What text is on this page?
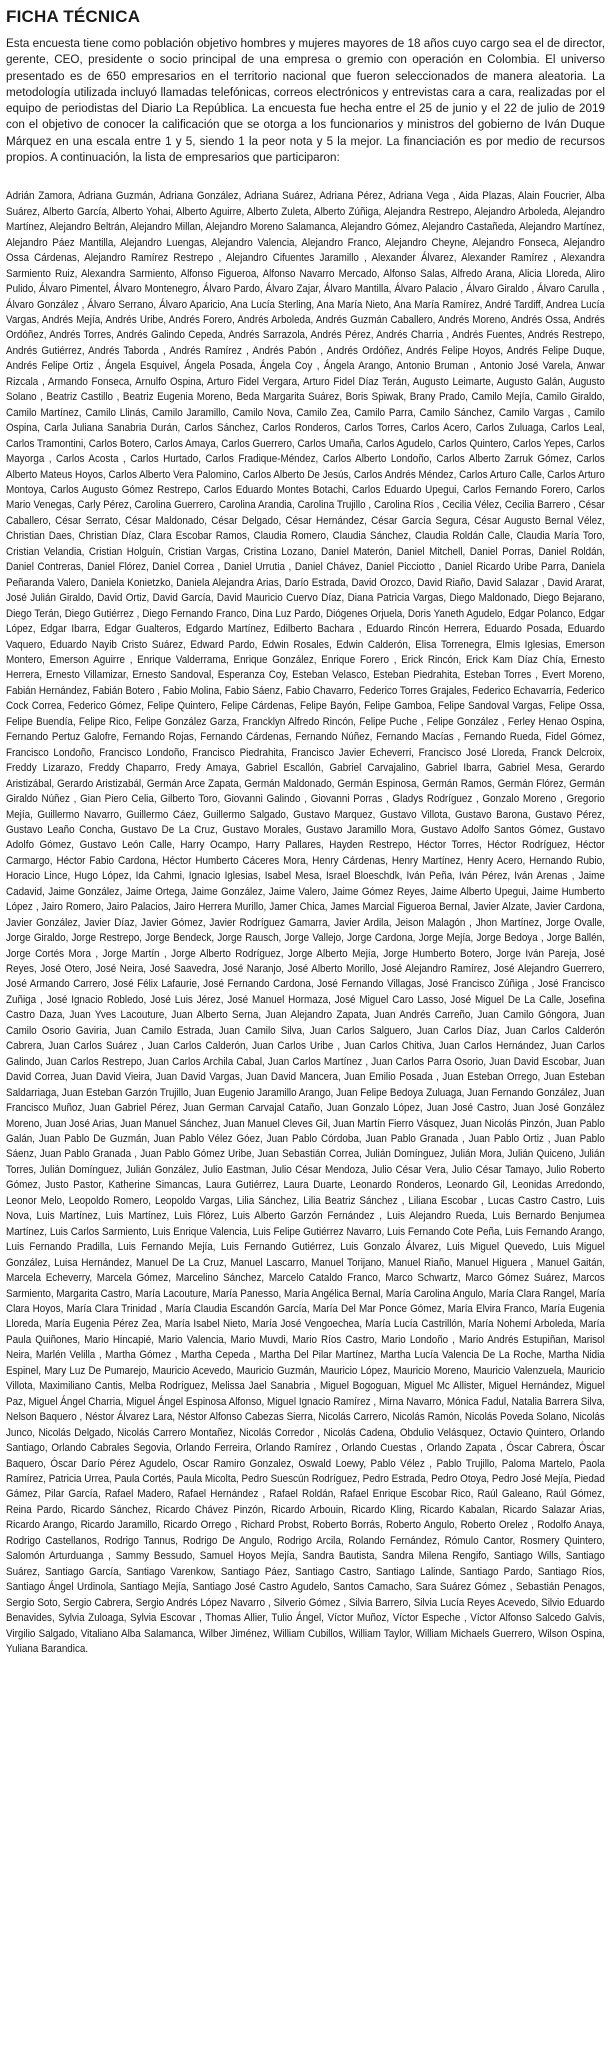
FICHA TÉCNICA

Esta encuesta tiene como población objetivo hombres y mujeres mayores de 18 años cuyo cargo sea el de director, gerente, CEO, presidente o socio principal de una empresa o gremio con operación en Colombia. El universo presentado es de 650 empresarios en el territorio nacional que fueron seleccionados de manera aleatoria. La metodología utilizada incluyó llamadas telefónicas, correos electrónicos y entrevistas cara a cara, realizadas por el equipo de periodistas del Diario La República. La encuesta fue hecha entre el 25 de junio y el 22 de julio de 2019 con el objetivo de conocer la calificación que se otorga a los funcionarios y ministros del gobierno de Iván Duque Márquez en una escala entre 1 y 5, siendo 1 la peor nota y 5 la mejor. La financiación es por medio de recursos propios. A continuación, la lista de empresarios que participaron:

Adrián Zamora, Adriana Guzmán, Adriana González, Adriana Suárez, Adriana Pérez, Adriana Vega , Aida Plazas, Alain Foucrier, Alba Suárez, Alberto García, Alberto Yohai, Alberto Aguirre, Alberto Zuleta, Alberto Zúñiga, Alejandra Restrepo, Alejandro Arboleda, Alejandro Martínez, Alejandro Beltrán, Alejandro Millan, Alejandro Moreno Salamanca, Alejandro Gómez, Alejandro Castañeda, Alejandro Martínez, Alejandro Páez Mantilla, Alejandro Luengas, Alejandro Valencia, Alejandro Franco, Alejandro Cheyne, Alejandro Fonseca, Alejandro Ossa Cárdenas, Alejandro Ramírez Restrepo , Alejandro Cifuentes Jaramillo , Alexander Álvarez, Alexander Ramírez , Alexandra Sarmiento Ruiz, Alexandra Sarmiento, Alfonso Figueroa, Alfonso Navarro Mercado, Alfonso Salas, Alfredo Arana, Alicia Lloreda, Aliro Pulido, Álvaro Pimentel, Álvaro Montenegro, Álvaro Pardo, Álvaro Zajar, Álvaro Mantilla, Álvaro Palacio , Álvaro Giraldo , Álvaro Carulla , Álvaro González , Álvaro Serrano, Álvaro Aparicio, Ana Lucía Sterling, Ana María Nieto, Ana María Ramírez, André Tardiff, Andrea Lucía Vargas, Andrés Mejía, Andrés Uribe, Andrés Forero, Andrés Arboleda, Andrés Guzmán Caballero, Andrés Moreno, Andrés Ossa, Andrés Ordóñez, Andrés Torres, Andrés Galindo Cepeda, Andrés Sarrazola, Andrés Pérez, Andrés Charria , Andrés Fuentes, Andrés Restrepo, Andrés Gutiérrez, Andrés Taborda , Andrés Ramírez , Andrés Pabón , Andrés Ordóñez, Andrés Felipe Hoyos, Andrés Felipe Duque, Andrés Felipe Ortiz , Ángela Esquivel, Ángela Posada, Ángela Coy , Ángela Arango, Antonio Bruman , Antonio José Varela, Anwar Rizcala , Armando Fonseca, Arnulfo Ospina, Arturo Fidel Vergara, Arturo Fidel Díaz Terán, Augusto Leimarte, Augusto Galán, Augusto Solano , Beatriz Castillo , Beatriz Eugenia Moreno, Beda Margarita Suárez, Boris Spiwak, Brany Prado, Camilo Mejía, Camilo Giraldo, Camilo Martínez, Camilo Llinás, Camilo Jaramillo, Camilo Nova, Camilo Zea, Camilo Parra, Camilo Sánchez, Camilo Vargas , Camilo Ospina, Carla Juliana Sanabria Durán, Carlos Sánchez, Carlos Ronderos, Carlos Torres, Carlos Acero, Carlos Zuluaga, Carlos Leal, Carlos Tramontini, Carlos Botero, Carlos Amaya, Carlos Guerrero, Carlos Umaña, Carlos Agudelo, Carlos Quintero, Carlos Yepes, Carlos Mayorga , Carlos Acosta , Carlos Hurtado, Carlos Fradique-Méndez, Carlos Alberto Londoño, Carlos Alberto Zarruk Gómez, Carlos Alberto Mateus Hoyos, Carlos Alberto Vera Palomino, Carlos Alberto De Jesús, Carlos Andrés Méndez, Carlos Arturo Calle, Carlos Arturo Montoya, Carlos Augusto Gómez Restrepo, Carlos Eduardo Montes Botachi, Carlos Eduardo Upegui, Carlos Fernando Forero, Carlos Mario Venegas, Carly Pérez, Carolina Guerrero, Carolina Arandia, Carolina Trujillo , Carolina Ríos , Cecilia Vélez, Cecilia Barrero , César Caballero, César Serrato, César Maldonado, César Delgado, César Hernández, César García Segura, César Augusto Bernal Vélez, Christian Daes, Christian Díaz, Clara Escobar Ramos, Claudia Romero, Claudia Sánchez, Claudia Roldán Calle, Claudia María Toro, Cristian Velandia, Cristian Holguín, Cristian Vargas, Cristina Lozano, Daniel Materón, Daniel Mitchell, Daniel Porras, Daniel Roldán, Daniel Contreras, Daniel Flórez, Daniel Correa , Daniel Urrutia , Daniel Chávez, Daniel Picciotto , Daniel Ricardo Uribe Parra, Daniela Peñaranda Valero, Daniela Konietzko, Daniela Alejandra Arias, Darío Estrada, David Orozco, David Riaño, David Salazar , David Ararat, José Julián Giraldo, David Ortiz, David García, David Mauricio Cuervo Díaz, Diana Patricia Vargas, Diego Maldonado, Diego Bejarano, Diego Terán, Diego Gutiérrez , Diego Fernando Franco, Dina Luz Pardo, Diógenes Orjuela, Doris Yaneth Agudelo, Edgar Polanco, Edgar López, Edgar Ibarra, Edgar Gualteros, Edgardo Martínez, Edilberto Bachara , Eduardo Rincón Herrera, Eduardo Posada, Eduardo Vaquero, Eduardo Nayib Cristo Suárez, Edward Pardo, Edwin Rosales, Edwin Calderón, Elisa Torrenegra, Elmis Iglesias, Emerson Montero, Emerson Aguirre , Enrique Valderrama, Enrique González, Enrique Forero , Erick Rincón, Erick Kam Díaz Chía, Ernesto Herrera, Ernesto Villamizar, Ernesto Sandoval, Esperanza Coy, Esteban Velasco, Esteban Piedrahita, Esteban Torres , Evert Moreno, Fabián Hernández, Fabián Botero , Fabio Molina, Fabio Sáenz, Fabio Chavarro, Federico Torres Grajales, Federico Echavarría, Federico Cock Correa, Federico Gómez, Felipe Quintero, Felipe Cárdenas, Felipe Bayón, Felipe Gamboa, Felipe Sandoval Vargas, Felipe Ossa, Felipe Buendía, Felipe Rico, Felipe González Garza, Francklyn Alfredo Rincón, Felipe Puche , Felipe González , Ferley Henao Ospina, Fernando Pertuz Galofre, Fernando Rojas, Fernando Cárdenas, Fernando Núñez, Fernando Macías , Fernando Rueda, Fidel Gómez, Francisco Londoño, Francisco Londoño, Francisco Piedrahita, Francisco Javier Echeverri, Francisco José Lloreda, Franck Delcroix, Freddy Lizarazo, Freddy Chaparro, Fredy Amaya, Gabriel Escallón, Gabriel Carvajalino, Gabriel Ibarra, Gabriel Mesa, Gerardo Aristizábal, Gerardo Aristizabál, Germán Arce Zapata, Germán Maldonado, Germán Espinosa, Germán Ramos, Germán Flórez, Germán Giraldo Núñez , Gian Piero Celia, Gilberto Toro, Giovanni Galindo , Giovanni Porras , Gladys Rodríguez , Gonzalo Moreno , Gregorio Mejía, Guillermo Navarro, Guillermo Cáez, Guillermo Salgado, Gustavo Marquez, Gustavo Villota, Gustavo Barona, Gustavo Pérez, Gustavo Leaño Concha, Gustavo De La Cruz, Gustavo Morales, Gustavo Jaramillo Mora, Gustavo Adolfo Santos Gómez, Gustavo Adolfo Gómez, Gustavo León Calle, Harry Ocampo, Harry Pallares, Hayden Restrepo, Héctor Torres, Héctor Rodríguez, Héctor Carmargo, Héctor Fabio Cardona, Héctor Humberto Cáceres Mora, Henry Cárdenas, Henry Martínez, Henry Acero, Hernando Rubio, Horacio Lince, Hugo López, Ida Cahmi, Ignacio Iglesias, Isabel Mesa, Israel Bloeschdk, Iván Peña, Iván Pérez, Iván Arenas , Jaime Cadavid, Jaime González, Jaime Ortega, Jaime González, Jaime Valero, Jaime Gómez Reyes, Jaime Alberto Upegui, Jaime Humberto López , Jairo Romero, Jairo Palacios, Jairo Herrera Murillo, Jamer Chica, James Marcial Figueroa Bernal, Javier Alzate, Javier Cardona, Javier González, Javier Díaz, Javier Gómez, Javier Rodríguez Gamarra, Javier Ardila, Jeison Malagón , Jhon Martínez, Jorge Ovalle, Jorge Giraldo, Jorge Restrepo, Jorge Bendeck, Jorge Rausch, Jorge Vallejo, Jorge Cardona, Jorge Mejía, Jorge Bedoya , Jorge Ballén, Jorge Cortés Mora , Jorge Martín , Jorge Alberto Rodríguez, Jorge Alberto Mejía, Jorge Humberto Botero, Jorge Iván Pareja, José Reyes, José Otero, José Neira, José Saavedra, José Naranjo, José Alberto Morillo, José Alejandro Ramírez, José Alejandro Guerrero, José Armando Carrero, José Félix Lafaurie, José Fernando Cardona, José Fernando Villagas, José Francisco Zúñiga , José Francisco Zuñiga , José Ignacio Robledo, José Luis Jérez, José Manuel Hormaza, José Miguel Caro Lasso, José Miguel De La Calle, Josefina Castro Daza, Juan Yves Lacouture, Juan Alberto Serna, Juan Alejandro Zapata, Juan Andrés Carreño, Juan Camilo Góngora, Juan Camilo Osorio Gaviria, Juan Camilo Estrada, Juan Camilo Silva, Juan Carlos Salguero, Juan Carlos Díaz, Juan Carlos Calderón Cabrera, Juan Carlos Suárez , Juan Carlos Calderón, Juan Carlos Uribe , Juan Carlos Chitiva, Juan Carlos Hernández, Juan Carlos Galindo, Juan Carlos Restrepo, Juan Carlos Archila Cabal, Juan Carlos Martínez , Juan Carlos Parra Osorio, Juan David Escobar, Juan David Correa, Juan David Vieira, Juan David Vargas, Juan David Mancera, Juan Emilio Posada , Juan Esteban Orrego, Juan Esteban Saldarriaga, Juan Esteban Garzón Trujillo, Juan Eugenio Jaramillo Arango, Juan Felipe Bedoya Zuluaga, Juan Fernando González, Juan Francisco Muñoz, Juan Gabriel Pérez, Juan German Carvajal Cataño, Juan Gonzalo López, Juan José Castro, Juan José González Moreno, Juan José Arias, Juan Manuel Sánchez, Juan Manuel Cleves Gil, Juan Martín Fierro Vásquez, Juan Nicolás Pinzón, Juan Pablo Galán, Juan Pablo De Guzmán, Juan Pablo Vélez Góez, Juan Pablo Córdoba, Juan Pablo Granada , Juan Pablo Ortiz , Juan Pablo Sáenz, Juan Pablo Granada , Juan Pablo Gómez Uribe, Juan Sebastián Correa, Julián Domínguez, Julián Mora, Julián Quiceno, Julián Torres, Julián Domínguez, Julián González, Julio Eastman, Julio César Mendoza, Julio César Vera, Julio César Tamayo, Julio Roberto Gómez, Justo Pastor, Katherine Simancas, Laura Gutiérrez, Laura Duarte, Leonardo Ronderos, Leonardo Gil, Leonidas Arredondo, Leonor Melo, Leopoldo Romero, Leopoldo Vargas, Lilia Sánchez, Lilia Beatriz Sánchez , Liliana Escobar , Lucas Castro Castro, Luis Nova, Luis Martínez, Luis Martínez, Luis Flórez, Luis Alberto Garzón Fernández , Luis Alejandro Rueda, Luis Bernardo Benjumea Martínez, Luis Carlos Sarmiento, Luis Enrique Valencia, Luis Felipe Gutiérrez Navarro, Luis Fernando Cote Peña, Luis Fernando Arango, Luis Fernando Pradilla, Luis Fernando Mejía, Luis Fernando Gutiérrez, Luis Gonzalo Álvarez, Luis Miguel Quevedo, Luis Miguel González, Luisa Hernández, Manuel De La Cruz, Manuel Lascarro, Manuel Torijano, Manuel Riaño, Manuel Higuera , Manuel Gaitán, Marcela Echeverry, Marcela Gómez, Marcelino Sánchez, Marcelo Cataldo Franco, Marco Schwartz, Marco Gómez Suárez, Marcos Sarmiento, Margarita Castro, María Lacouture, María Panesso, María Angélica Bernal, María Carolina Angulo, María Clara Rangel, María Clara Hoyos, María Clara Trinidad , María Claudia Escandón García, María Del Mar Ponce Gómez, María Elvira Franco, María Eugenia Lloreda, María Eugenia Pérez Zea, María Isabel Nieto, María José Vengoechea, María Lucía Castrillón, María Nohemí Arboleda, María Paula Quiñones, Mario Hincapié, Mario Valencia, Mario Muvdi, Mario Ríos Castro, Mario Londoño , Mario Andrés Estupiñan, Marisol Neira, Marlén Velilla , Martha Gómez , Martha Cepeda , Martha Del Pilar Martínez, Martha Lucía Valencia De La Roche, Martha Nidia Espinel, Mary Luz De Pumarejo, Mauricio Acevedo, Mauricio Guzmán, Mauricio López, Mauricio Moreno, Mauricio Valenzuela, Mauricio Villota, Maximiliano Cantis, Melba Rodríguez, Melissa Jael Sanabria , Miguel Bogoguan, Miguel Mc Allister, Miguel Hernández, Miguel Paz, Miguel Ángel Charria, Miguel Ángel Espinosa Alfonso, Miguel Ignacio Ramírez , Mirna Navarro, Mónica Fadul, Natalia Barrera Silva, Nelson Baquero , Néstor Álvarez Lara, Néstor Alfonso Cabezas Sierra, Nicolás Carrero, Nicolás Ramón, Nicolás Poveda Solano, Nicolás Junco, Nicolás Delgado, Nicolás Carrero Montañez, Nicolás Corredor , Nicolás Cadena, Obdulio Velásquez, Octavio Quintero, Orlando Santiago, Orlando Cabrales Segovia, Orlando Ferreira, Orlando Ramírez , Orlando Cuestas , Orlando Zapata , Óscar Cabrera, Óscar Baquero, Óscar Darío Pérez Agudelo, Oscar Ramiro Gonzalez, Oswald Loewy, Pablo Vélez , Pablo Trujillo, Paloma Martelo, Paola Ramírez, Patricia Urrea, Paula Cortés, Paula Micolta, Pedro Suescún Rodríguez, Pedro Estrada, Pedro Otoya, Pedro José Mejía, Piedad Gámez, Pilar García, Rafael Madero, Rafael Hernández , Rafael Roldán, Rafael Enrique Escobar Rico, Raúl Galeano, Raúl Gómez, Reina Pardo, Ricardo Sánchez, Ricardo Chávez Pinzón, Ricardo Arbouin, Ricardo Kling, Ricardo Kabalan, Ricardo Salazar Arias, Ricardo Arango, Ricardo Jaramillo, Ricardo Orrego , Richard Probst, Roberto Borrás, Roberto Angulo, Roberto Orelez , Rodolfo Anaya, Rodrigo Castellanos, Rodrigo Tannus, Rodrigo De Angulo, Rodrigo Arcila, Rolando Fernández, Rómulo Cantor, Rosmery Quintero, Salomón Arturduanga , Sammy Bessudo, Samuel Hoyos Mejía, Sandra Bautista, Sandra Milena Rengifo, Santiago Wills, Santiago Suárez, Santiago García, Santiago Varenkow, Santiago Páez, Santiago Castro, Santiago Lalinde, Santiago Pardo, Santiago Ríos, Santiago Ángel Urdinola, Santiago Mejía, Santiago José Castro Agudelo, Santos Camacho, Sara Suárez Gómez , Sebastián Penagos, Sergio Soto, Sergio Cabrera, Sergio Andrés López Navarro , Silverio Gómez , Silvia Barrero, Silvia Lucía Reyes Acevedo, Silvio Eduardo Benavides, Sylvia Zuloaga, Sylvia Escovar , Thomas Allier, Tulio Ángel, Víctor Muñoz, Víctor Espeche , Víctor Alfonso Salcedo Galvis, Virgilio Salgado, Vitaliano Alba Salamanca, Wilber Jiménez, William Cubillos, William Taylor, William Michaels Guerrero, Wilson Ospina, Yuliana Barandica.
